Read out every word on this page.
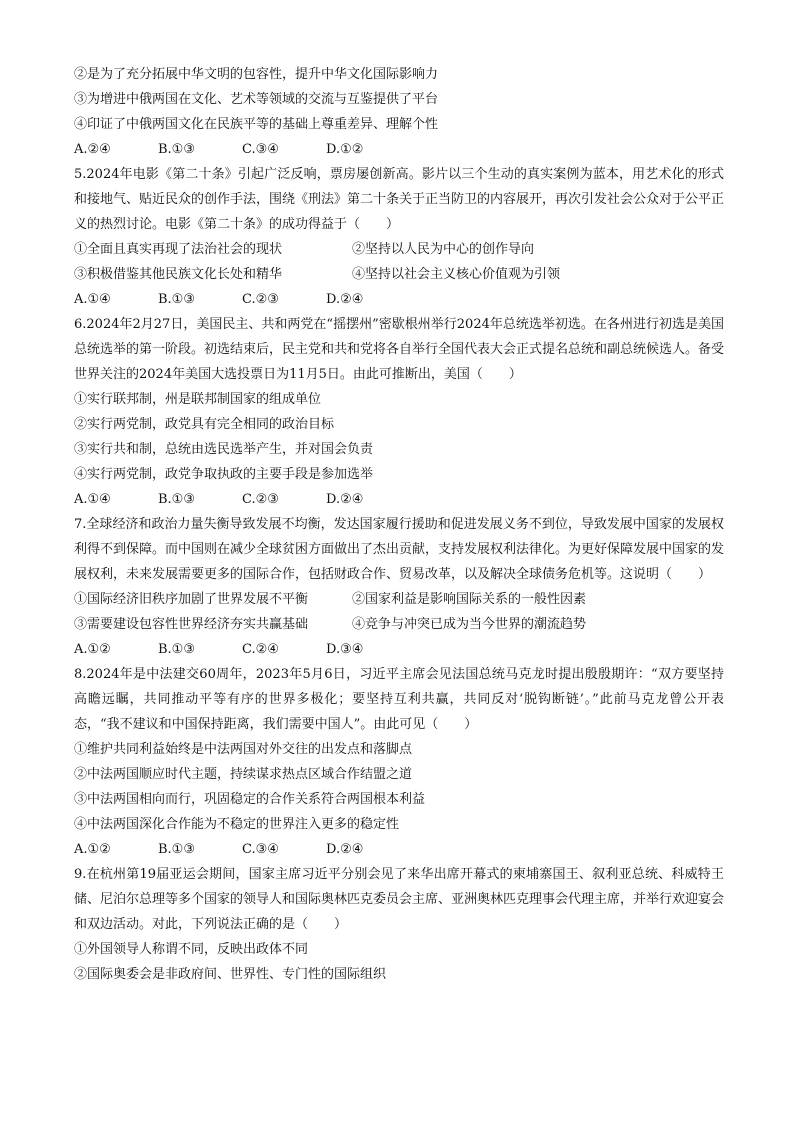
②是为了充分拓展中华文明的包容性，提升中华文化国际影响力
③为增进中俄两国在文化、艺术等领域的交流与互鉴提供了平台
④印证了中俄两国文化在民族平等的基础上尊重差异、理解个性
A.②④	B.①③	C.③④	D.①②
5.2024年电影《第二十条》引起广泛反响，票房屡创新高。影片以三个生动的真实案例为蓝本，用艺术化的形式和接地气、贴近民众的创作手法，围绕《刑法》第二十条关于正当防卫的内容展开，再次引发社会公众对于公平正义的热烈讨论。电影《第二十条》的成功得益于（　　）
①全面且真实再现了法治社会的现状	②坚持以人民为中心的创作导向
③积极借鉴其他民族文化长处和精华	④坚持以社会主义核心价值观为引领
A.①④	B.①③	C.②③	D.②④
6.2024年2月27日，美国民主、共和两党在“摇摆州”密歇根州举行2024年总统选举初选。在各州进行初选是美国总统选举的第一阶段。初选结束后，民主党和共和党将各自举行全国代表大会正式提名总统和副总统候选人。备受世界关注的2024年美国大选投票日为11月5日。由此可推断出，美国（　　）
①实行联邦制，州是联邦制国家的组成单位
②实行两党制，政党具有完全相同的政治目标
③实行共和制，总统由选民选举产生，并对国会负责
④实行两党制，政党争取执政的主要手段是参加选举
A.①④	B.①③	C.②③	D.②④
7.全球经济和政治力量失衡导致发展不均衡，发达国家履行援助和促进发展义务不到位，导致发展中国家的发展权利得不到保障。而中国则在减少全球贫困方面做出了杰出贡献，支持发展权利法律化。为更好保障发展中国家的发展权利，未来发展需要更多的国际合作，包括财政合作、贸易改革，以及解决全球债务危机等。这说明（　　）
①国际经济旧秩序加剧了世界发展不平衡	②国家利益是影响国际关系的一般性因素
③需要建设包容性世界经济夯实共赢基础	④竞争与冲突已成为当今世界的潮流趋势
A.①②	B.①③	C.②④	D.③④
8.2024年是中法建交60周年，2023年5月6日，习近平主席会见法国总统马克龙时提出殷殷期许：“双方要坚持高瞻远瞩，共同推动平等有序的世界多极化；要坚持互利共赢，共同反对‘脱钩断链’。”此前马克龙曾公开表态，“我不建议和中国保持距离，我们需要中国人”。由此可见（　　）
①维护共同利益始终是中法两国对外交往的出发点和落脚点
②中法两国顺应时代主题，持续谋求热点区域合作结盟之道
③中法两国相向而行，巩固稳定的合作关系符合两国根本利益
④中法两国深化合作能为不稳定的世界注入更多的稳定性
A.①②	B.①③	C.③④	D.②④
9.在杭州第19届亚运会期间，国家主席习近平分别会见了来华出席开幕式的柬埔寨国王、叙利亚总统、科威特王储、尼泊尔总理等多个国家的领导人和国际奥林匹克委员会主席、亚洲奥林匹克理事会代理主席，并举行欢迎宴会和双边活动。对此，下列说法正确的是（　　）
①外国领导人称谓不同，反映出政体不同
②国际奥委会是非政府间、世界性、专门性的国际组织
